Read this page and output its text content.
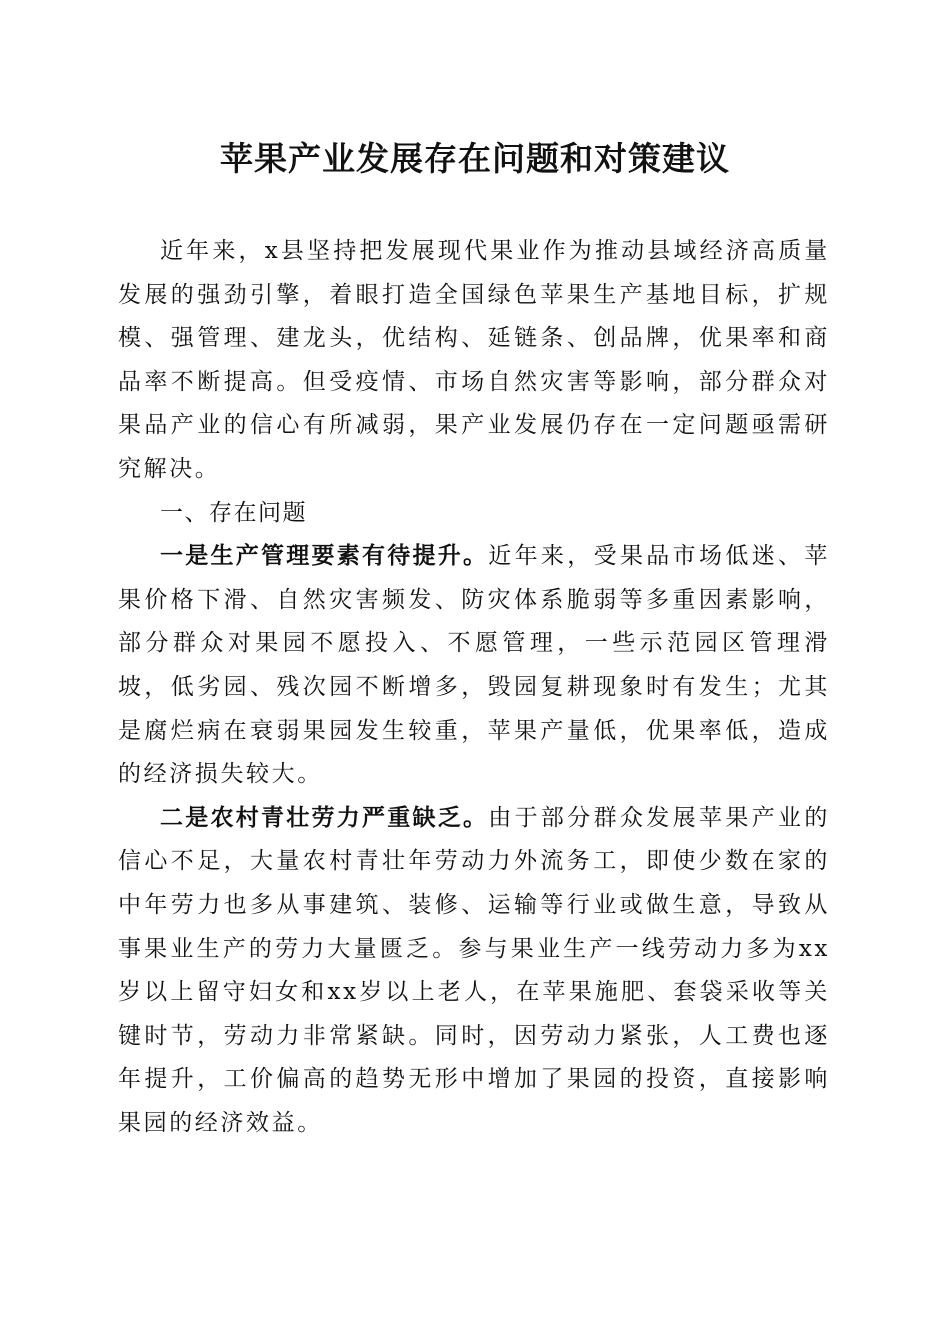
苹果产业发展存在问题和对策建议

近年来，x县坚持把发展现代果业作为推动县域经济高质量发展的强劲引擎，着眼打造全国绿色苹果生产基地目标，扩规模、强管理、建龙头，优结构、延链条、创品牌，优果率和商品率不断提高。但受疫情、市场自然灾害等影响，部分群众对果品产业的信心有所减弱，果产业发展仍存在一定问题亟需研究解决。

一、存在问题

一是生产管理要素有待提升。近年来，受果品市场低迷、苹果价格下滑、自然灾害频发、防灾体系脆弱等多重因素影响，部分群众对果园不愿投入、不愿管理，一些示范园区管理滑坡，低劣园、残次园不断增多，毁园复耕现象时有发生；尤其是腐烂病在衰弱果园发生较重，苹果产量低，优果率低，造成的经济损失较大。

二是农村青壮劳力严重缺乏。由于部分群众发展苹果产业的信心不足，大量农村青壮年劳动力外流务工，即使少数在家的中年劳力也多从事建筑、装修、运输等行业或做生意，导致从事果业生产的劳力大量匮乏。参与果业生产一线劳动力多为xx岁以上留守妇女和xx岁以上老人，在苹果施肥、套袋采收等关键时节，劳动力非常紧缺。同时，因劳动力紧张，人工费也逐年提升，工价偏高的趋势无形中增加了果园的投资，直接影响果园的经济效益。
